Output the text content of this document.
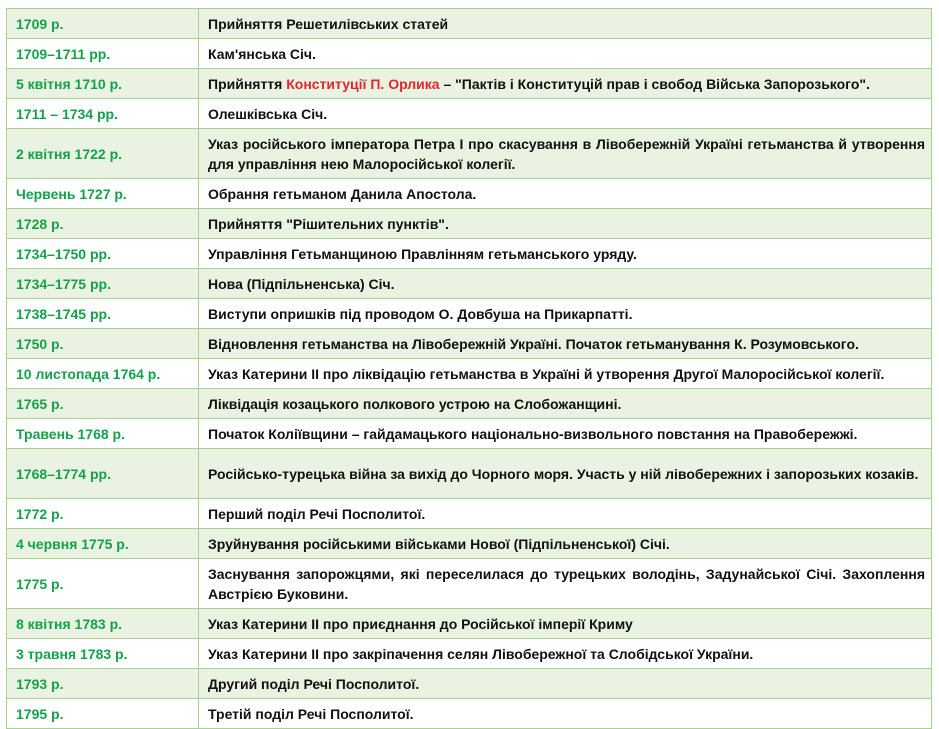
1709 р.	Прийняття Решетилівських статей
1709–1711 рр.	Кам'янська Січ.
5 квітня 1710 р.	Прийняття Конституції П. Орлика – "Пактів і Конституцій прав і свобод Війська Запорозького".
1711 – 1734 рр.	Олешківська Січ.
2 квітня 1722 р.	Указ російського імператора Петра І про скасування в Лівобережній Україні гетьманства й утворення для управління нею Малоросійської колегії.
Червень 1727 р.	Обрання гетьманом Данила Апостола.
1728 р.	Прийняття "Рішительних пунктів".
1734–1750 рр.	Управління Гетьманщиною Правлінням гетьманського уряду.
1734–1775 рр.	Нова (Підпільненська) Січ.
1738–1745 рр.	Виступи опришків під проводом О. Довбуша на Прикарпатті.
1750 р.	Відновлення гетьманства на Лівобережній Україні. Початок гетьманування К. Розумовського.
10 листопада 1764 р.	Указ Катерини ІІ про ліквідацію гетьманства в Україні й утворення Другої Малоросійської колегії.
1765 р.	Ліквідація козацького полкового устрою на Слобожанщині.
Травень 1768 р.	Початок Коліївщини – гайдамацького національно-визвольного повстання на Правобережжі.
1768–1774 рр.	Російсько-турецька війна за вихід до Чорного моря. Участь у ній лівобережних і запорозьких козаків.
1772 р.	Перший поділ Речі Посполитої.
4 червня 1775 р.	Зруйнування російськими військами Нової (Підпільненської) Січі.
1775 р.	Заснування запорожцями, які переселилася до турецьких володінь, Задунайської Січі. Захоплення Австрією Буковини.
8 квітня 1783 р.	Указ Катерини ІІ про приєднання до Російської імперії Криму
3 травня 1783 р.	Указ Катерини ІІ про закріпачення селян Лівобережної та Слобідської України.
1793 р.	Другий поділ Речі Посполитої.
1795 р.	Третій поділ Речі Посполитої.
